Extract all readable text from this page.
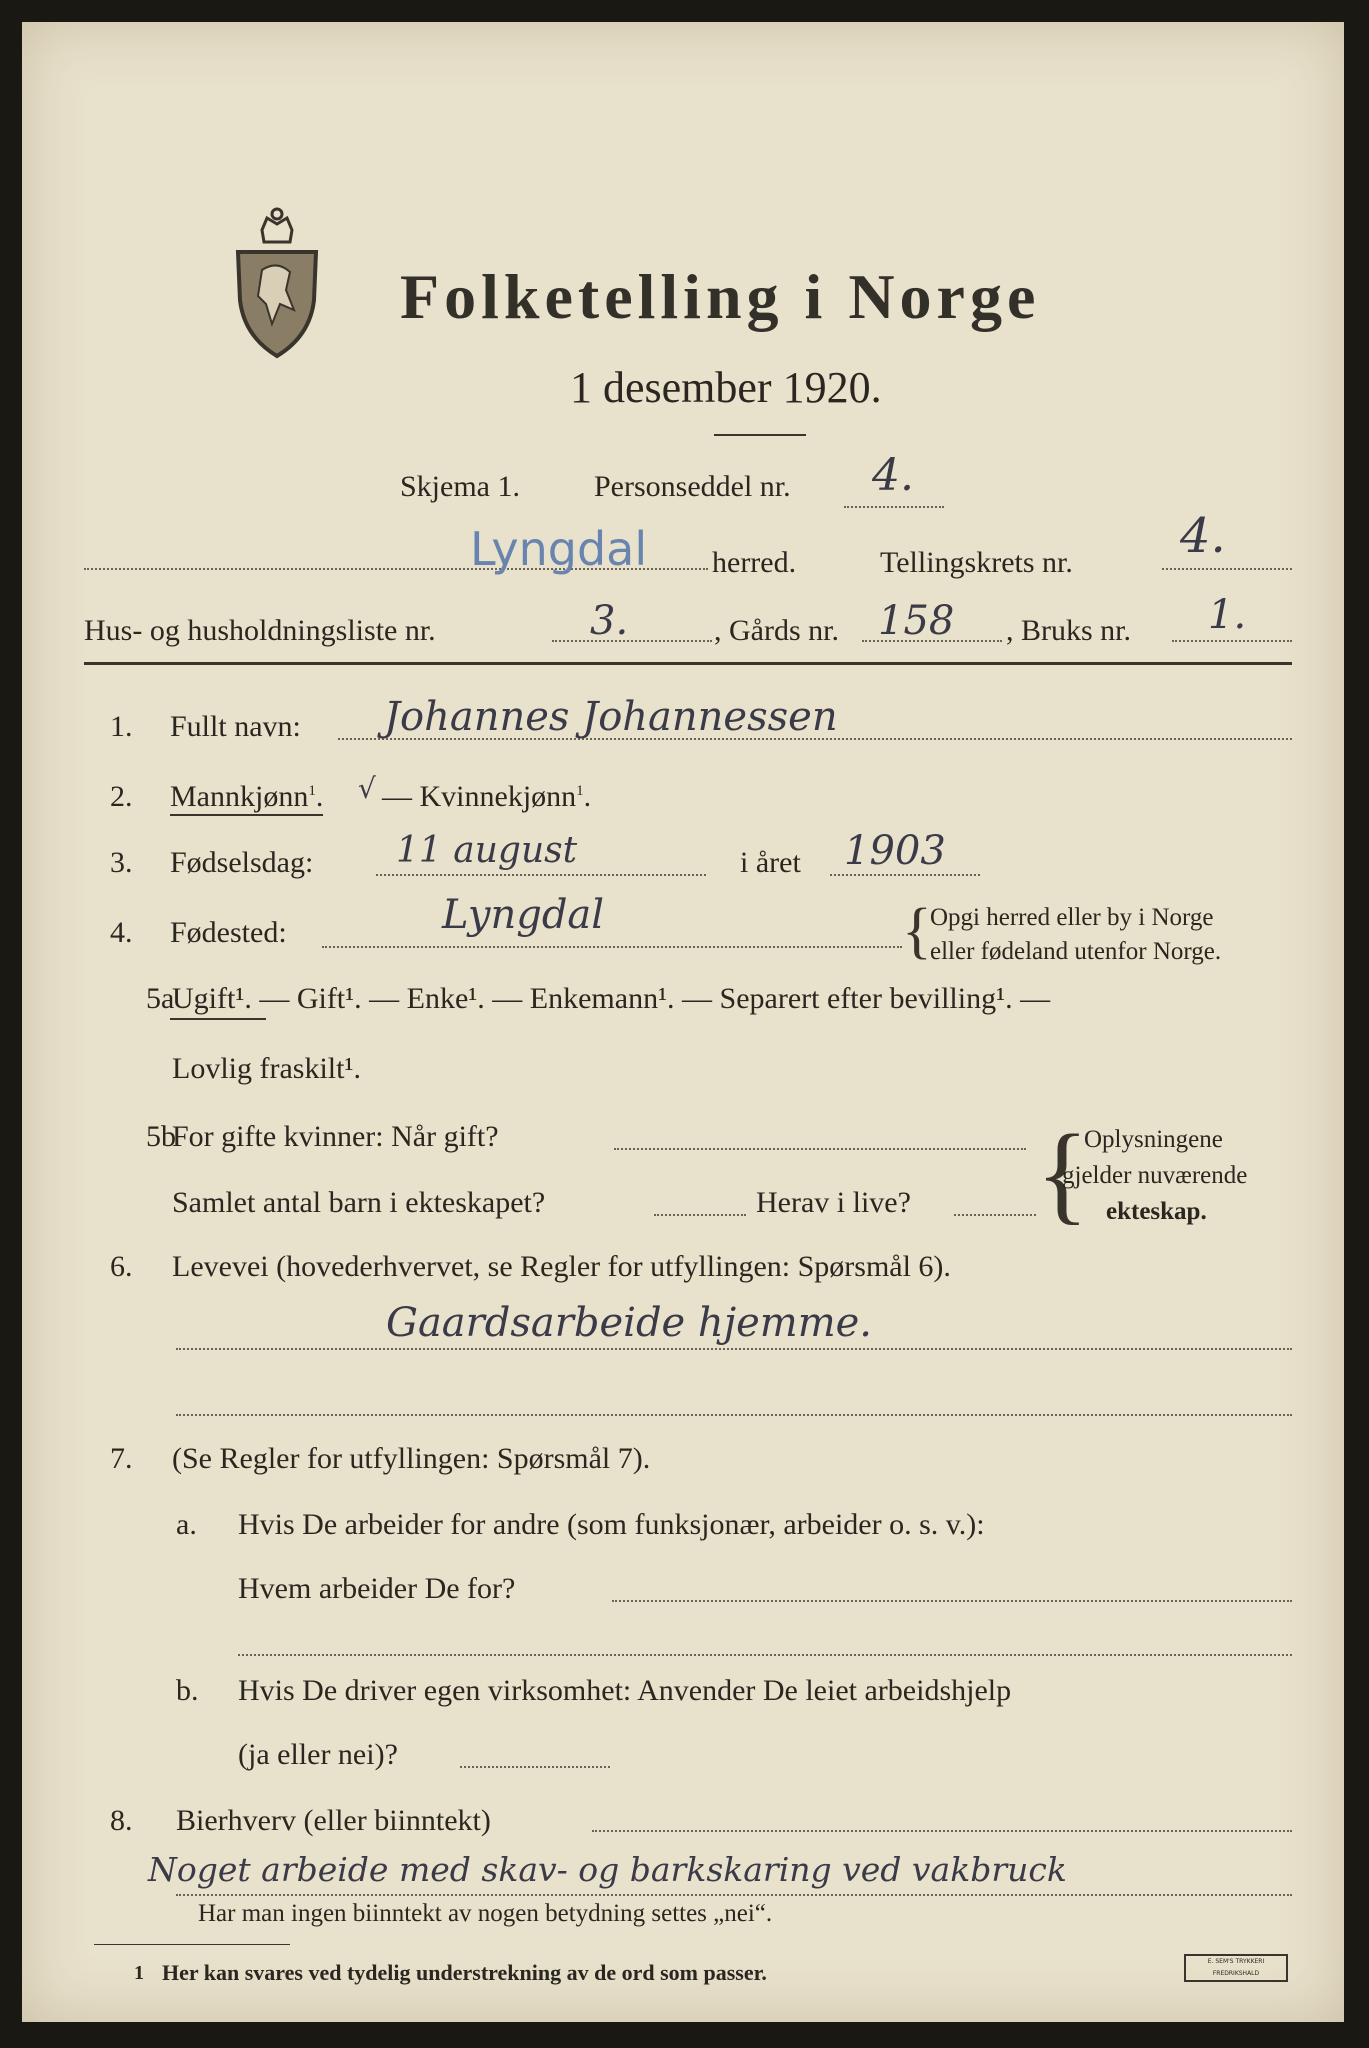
Folketelling i Norge
1 desember 1920.
Skjema 1. Personseddel nr. 4.
Lyngdal herred.	Tellingskrets nr. 4.
Hus- og husholdningsliste nr.	3.	, Gårds nr. 158 , Bruks nr. 1.
1. Fullt navn: Johannes Johannessen
2. Mannkjønn$^1$. √ — Kvinnekjønn$^1$.
3. Fødselsdag: 11 august	i året 1903
4. Fødested:	Lyngdal	{
Opgi herred eller by i Norge
eller fødeland utenfor Norge.
5a
Ugift¹. — Gift¹. — Enke¹. — Enkemann¹. — Separert efter bevilling¹. —
Lovlig fraskilt¹.
5b
For gifte kvinner: Når gift?
Samlet antal barn i ekteskapet?	Herav i live? {
Oplysningene
gjelder nuværende
ekteskap.
6. Levevei (hovederhvervet, se Regler for utfyllingen: Spørsmål 6).
Gaardsarbeide hjemme.
7. (Se Regler for utfyllingen: Spørsmål 7).
a. Hvis De arbeider for andre (som funksjonær, arbeider o. s. v.):
Hvem arbeider De for?
b. Hvis De driver egen virksomhet: Anvender De leiet arbeidshjelp
(ja eller nei)?
8. Bierhverv (eller biinntekt)
Noget arbeide med skav- og barkskaring ved vakbruck
Har man ingen biinntekt av nogen betydning settes „nei“.
1 Her kan svares ved tydelig understrekning av de ord som passer.	E. SEM'S TRYKKERI FREDRIKSHALD
